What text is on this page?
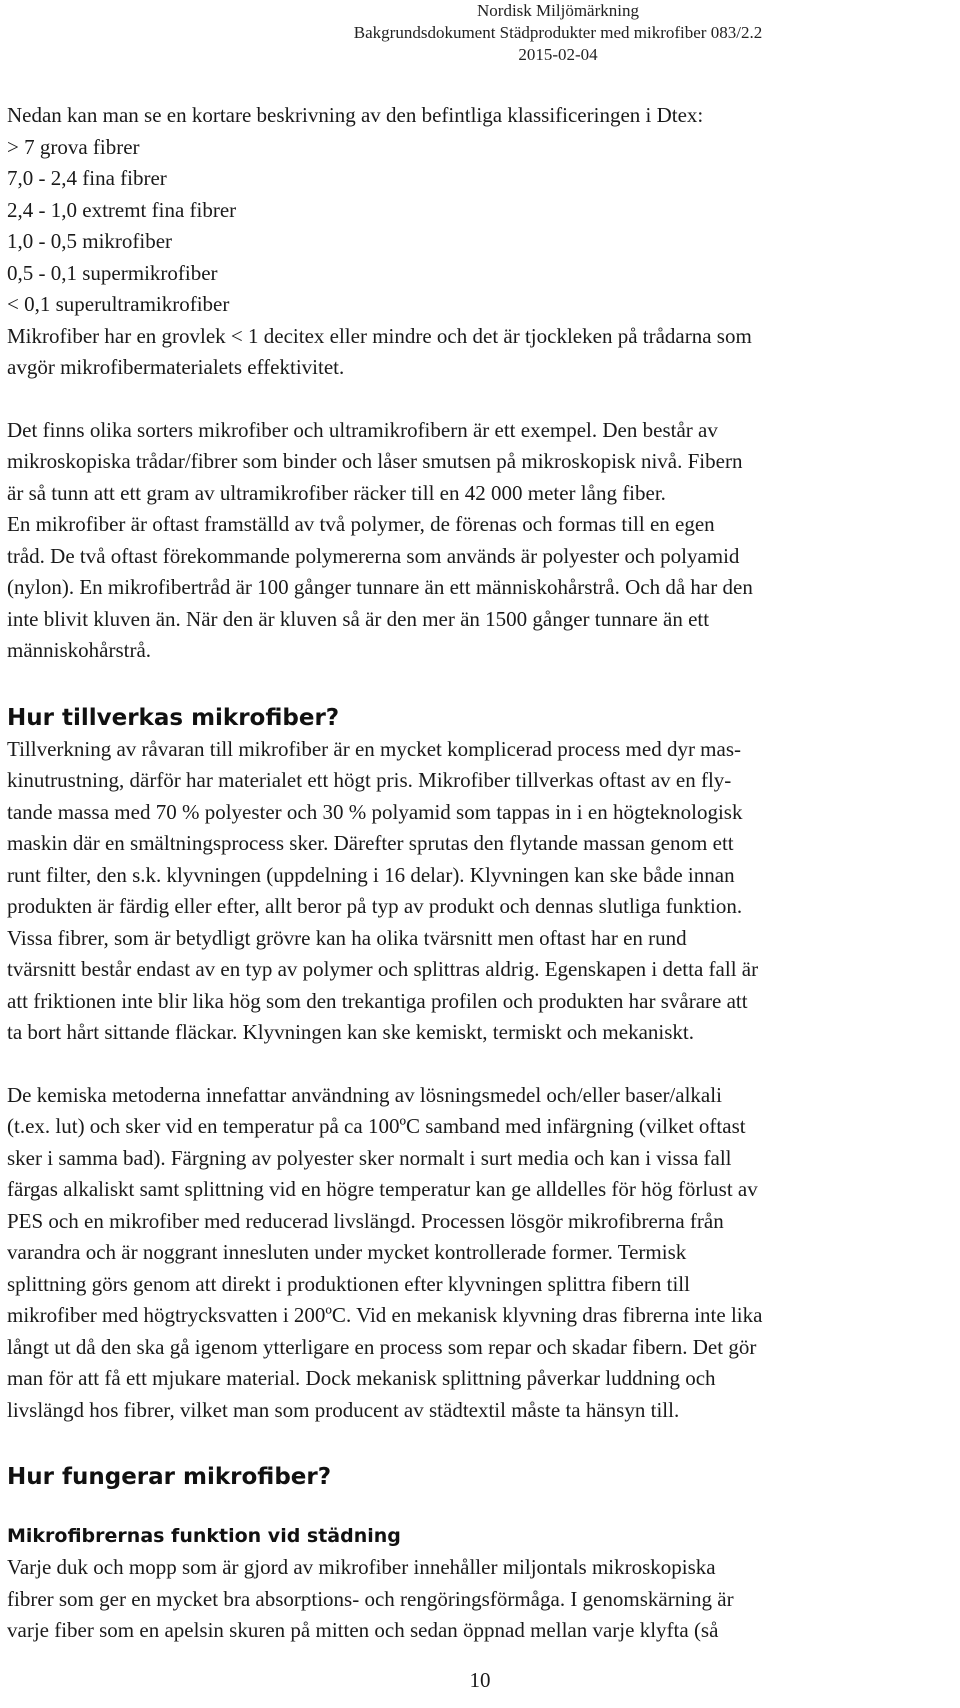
Nordisk Miljömärkning
Bakgrundsdokument Städprodukter med mikrofiber 083/2.2
2015-02-04
Nedan kan man se en kortare beskrivning av den befintliga klassificeringen i Dtex:
> 7 grova fibrer
7,0 - 2,4 fina fibrer
2,4 - 1,0 extremt fina fibrer
1,0 - 0,5 mikrofiber
0,5 - 0,1 supermikrofiber
< 0,1 superultramikrofiber
Mikrofiber har en grovlek < 1 decitex eller mindre och det är tjockleken på trådarna som
avgör mikrofibermaterialets effektivitet.
Det finns olika sorters mikrofiber och ultramikrofibern är ett exempel. Den består av
mikroskopiska trådar/fibrer som binder och låser smutsen på mikroskopisk nivå. Fibern
är så tunn att ett gram av ultramikrofiber räcker till en 42 000 meter lång fiber.
En mikrofiber är oftast framställd av två polymer, de förenas och formas till en egen
tråd. De två oftast förekommande polymererna som används är polyester och polyamid
(nylon). En mikrofibertråd är 100 gånger tunnare än ett människohårstrå. Och då har den
inte blivit kluven än. När den är kluven så är den mer än 1500 gånger tunnare än ett
människohårstrå.
Hur tillverkas mikrofiber?
Tillverkning av råvaran till mikrofiber är en mycket komplicerad process med dyr mas-
kinutrustning, därför har materialet ett högt pris. Mikrofiber tillverkas oftast av en fly-
tande massa med 70 % polyester och 30 % polyamid som tappas in i en högteknologisk
maskin där en smältningsprocess sker. Därefter sprutas den flytande massan genom ett
runt filter, den s.k. klyvningen (uppdelning i 16 delar). Klyvningen kan ske både innan
produkten är färdig eller efter, allt beror på typ av produkt och dennas slutliga funktion.
Vissa fibrer, som är betydligt grövre kan ha olika tvärsnitt men oftast har en rund
tvärsnitt består endast av en typ av polymer och splittras aldrig. Egenskapen i detta fall är
att friktionen inte blir lika hög som den trekantiga profilen och produkten har svårare att
ta bort hårt sittande fläckar. Klyvningen kan ske kemiskt, termiskt och mekaniskt.
De kemiska metoderna innefattar användning av lösningsmedel och/eller baser/alkali
(t.ex. lut) och sker vid en temperatur på ca 100ºC samband med infärgning (vilket oftast
sker i samma bad). Färgning av polyester sker normalt i surt media och kan i vissa fall
färgas alkaliskt samt splittning vid en högre temperatur kan ge alldelles för hög förlust av
PES och en mikrofiber med reducerad livslängd. Processen lösgör mikrofibrerna från
varandra och är noggrant innesluten under mycket kontrollerade former. Termisk
splittning görs genom att direkt i produktionen efter klyvningen splittra fibern till
mikrofiber med högtrycksvatten i 200ºC. Vid en mekanisk klyvning dras fibrerna inte lika
långt ut då den ska gå igenom ytterligare en process som repar och skadar fibern. Det gör
man för att få ett mjukare material. Dock mekanisk splittning påverkar luddning och
livslängd hos fibrer, vilket man som producent av städtextil måste ta hänsyn till.
Hur fungerar mikrofiber?
Mikrofibrernas funktion vid städning
Varje duk och mopp som är gjord av mikrofiber innehåller miljontals mikroskopiska
fibrer som ger en mycket bra absorptions- och rengöringsförmåga. I genomskärning är
varje fiber som en apelsin skuren på mitten och sedan öppnad mellan varje klyfta (så
10
